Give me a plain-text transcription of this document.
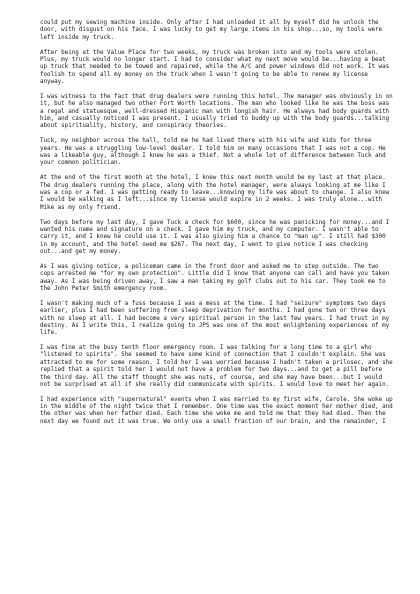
could put my sewing machine inside. Only after I had unloaded it all by myself did he unlock the door, with disgust on his face. I was lucky to get my large items in his shop...so, my tools were left inside my truck.

After being at the Value Place for two weeks, my truck was broken into and my tools were stolen. Plus, my truck would no longer start. I had to consider what my next move would be...having a beat up truck that needed to be towed and repaired, while the A/C and power windows did not work. It was foolish to spend all my money on the truck when I wasn't going to be able to renew my license anyway.

I was witness to the fact that drug dealers were running this hotel. The manager was obviously in on it, but he also managed two other Fort Worth locations. The man who looked like he was the boss was a regal and statuesque, well-dressed Hispanic man with longish hair. He always had body guards with him, and casually noticed I was present. I usually tried to buddy up with the body guards...talking about spirituality, history, and conspiracy theories.

Tuck, my neighbor across the hall, told me he had lived there with his wife and kids for three years. He was a struggling low-level dealer. I told him on many occasions that I was not a cop. He was a likeable guy, although I knew he was a thief. Not a whole lot of difference between Tuck and your common politician.

At the end of the first month at the hotel, I knew this next month would be my last at that place. The drug dealers running the place, along with the hotel manager, were always looking at me like I was a cop or a fed. I was getting ready to leave...knowing my life was about to change. I also knew I would be walking as I left...since my license would expire in 2 weeks. I was truly alone...with Mike as my only friend.

Two days before my last day, I gave Tuck a check for $600, since he was panicking for money...and I wanted his name and signature on a check. I gave him my truck, and my computer. I wasn't able to carry it, and I knew he could use it. I was also giving him a chance to "man up". I still had $300 in my account, and the hotel owed me $267. The next day, I went to give notice I was checking out...and get my money.

As I was giving notice, a policeman came in the front door and asked me to step outside. The two cops arrested me "for my own protection". Little did I know that anyone can call and have you taken away. As I was being driven away, I saw a man taking my golf clubs out to his car. They took me to the John Peter Smith emergency room.

I wasn't making much of a fuss because I was a mess at the time. I had "seizure" symptoms two days earlier, plus I had been suffering from sleep deprivation for months. I had gone two or three days with no sleep at all. I had become a very spiritual person in the last few years. I had trust in my destiny. As I write this, I realize going to JPS was one of the most enlightening experiences of my life.

I was fine at the busy tenth floor emergency room. I was talking for a long time to a girl who "listened to spirits". She seemed to have some kind of connection that I couldn't explain. She was attracted to me for some reason. I told her I was worried because I hadn't taken a prilosec, and she replied that a spirit told her I would not have a problem for two days...and to get a pill before the third day. All the staff thought she was nuts, of course, and she may have been...but I would not be surprised at all if she really did communicate with spirits. I would love to meet her again.

I had experience with "supernatural" events when I was married to my first wife, Carole. She woke up in the middle of the night twice that I remember. One time was the exact moment her mother died, and the other was when her father died. Each time she woke me and told me that they had died. Then the next day we found out it was true. We only use a small fraction of our brain, and the remainder, I
